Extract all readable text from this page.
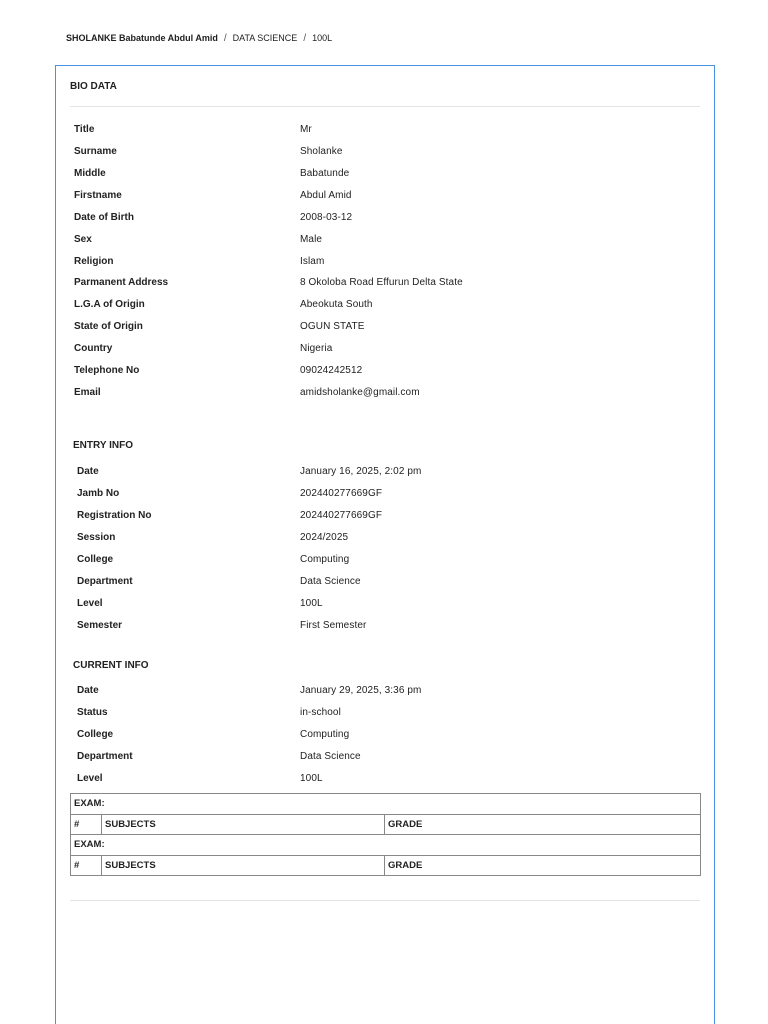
SHOLANKE Babatunde Abdul Amid / DATA SCIENCE / 100L
BIO DATA
Title	Mr
Surname	Sholanke
Middle	Babatunde
Firstname	Abdul Amid
Date of Birth	2008-03-12
Sex	Male
Religion	Islam
Parmanent Address	8 Okoloba Road Effurun Delta State
L.G.A of Origin	Abeokuta South
State of Origin	OGUN STATE
Country	Nigeria
Telephone No	09024242512
Email	amidsholanke@gmail.com
ENTRY INFO
Date	January 16, 2025, 2:02 pm
Jamb No	202440277669GF
Registration No	202440277669GF
Session	2024/2025
College	Computing
Department	Data Science
Level	100L
Semester	First Semester
CURRENT INFO
Date	January 29, 2025, 3:36 pm
Status	in-school
College	Computing
Department	Data Science
Level	100L
EXAM:		
#	SUBJECTS	GRADE
EXAM:		
#	SUBJECTS	GRADE
